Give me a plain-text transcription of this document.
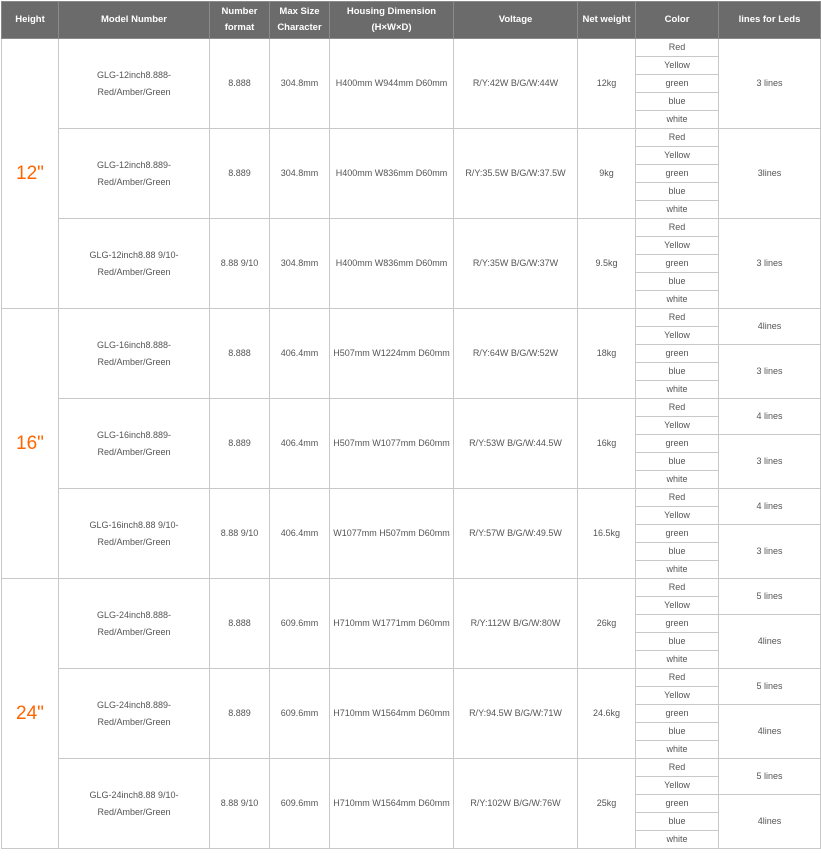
Height	Model Number	Number format	Max Size Character	Housing Dimension (H×W×D)	Voltage	Net weight	Color	lines for Leds
12"	GLG-12inch8.888-Red/Amber/Green	8.888	304.8mm	H400mm W944mm D60mm	R/Y:42W B/G/W:44W	12kg	Red	3 lines
							Yellow	
							green	
							blue	
							white	
	GLG-12inch8.889-Red/Amber/Green	8.889	304.8mm	H400mm W836mm D60mm	R/Y:35.5W B/G/W:37.5W	9kg	Red	3lines
							Yellow	
							green	
							blue	
							white	
	GLG-12inch8.88 9/10-Red/Amber/Green	8.88 9/10	304.8mm	H400mm W836mm D60mm	R/Y:35W B/G/W:37W	9.5kg	Red	3 lines
							Yellow	
							green	
							blue	
							white	
16"	GLG-16inch8.888-Red/Amber/Green	8.888	406.4mm	H507mm W1224mm D60mm	R/Y:64W B/G/W:52W	18kg	Red	4lines
							Yellow	
							green	3 lines
							blue	
							white	
	GLG-16inch8.889-Red/Amber/Green	8.889	406.4mm	H507mm W1077mm D60mm	R/Y:53W B/G/W:44.5W	16kg	Red	4 lines
							Yellow	
							green	3 lines
							blue	
							white	
	GLG-16inch8.88 9/10-Red/Amber/Green	8.88 9/10	406.4mm	W1077mm H507mm D60mm	R/Y:57W B/G/W:49.5W	16.5kg	Red	4 lines
							Yellow	
							green	3 lines
							blue	
							white	
24"	GLG-24inch8.888-Red/Amber/Green	8.888	609.6mm	H710mm W1771mm D60mm	R/Y:112W B/G/W:80W	26kg	Red	5 lines
							Yellow	
							green	4lines
							blue	
							white	
	GLG-24inch8.889-Red/Amber/Green	8.889	609.6mm	H710mm W1564mm D60mm	R/Y:94.5W B/G/W:71W	24.6kg	Red	5 lines
							Yellow	
							green	4lines
							blue	
							white	
	GLG-24inch8.88 9/10-Red/Amber/Green	8.88 9/10	609.6mm	H710mm W1564mm D60mm	R/Y:102W B/G/W:76W	25kg	Red	5 lines
							Yellow	
							green	4lines
							blue	
							white	
